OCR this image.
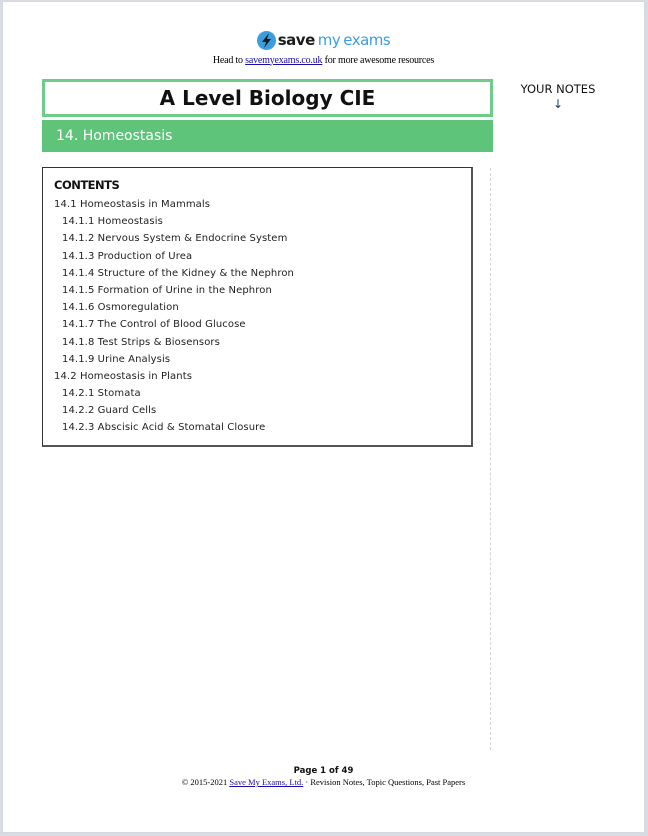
save my exams
Head to savemyexams.co.uk for more awesome resources
A Level Biology CIE
14. Homeostasis
YOUR NOTES
↓
CONTENTS
14.1 Homeostasis in Mammals
14.1.1 Homeostasis
14.1.2 Nervous System & Endocrine System
14.1.3 Production of Urea
14.1.4 Structure of the Kidney & the Nephron
14.1.5 Formation of Urine in the Nephron
14.1.6 Osmoregulation
14.1.7 The Control of Blood Glucose
14.1.8 Test Strips & Biosensors
14.1.9 Urine Analysis
14.2 Homeostasis in Plants
14.2.1 Stomata
14.2.2 Guard Cells
14.2.3 Abscisic Acid & Stomatal Closure
Page 1 of 49
© 2015-2021 Save My Exams, Ltd. · Revision Notes, Topic Questions, Past Papers
